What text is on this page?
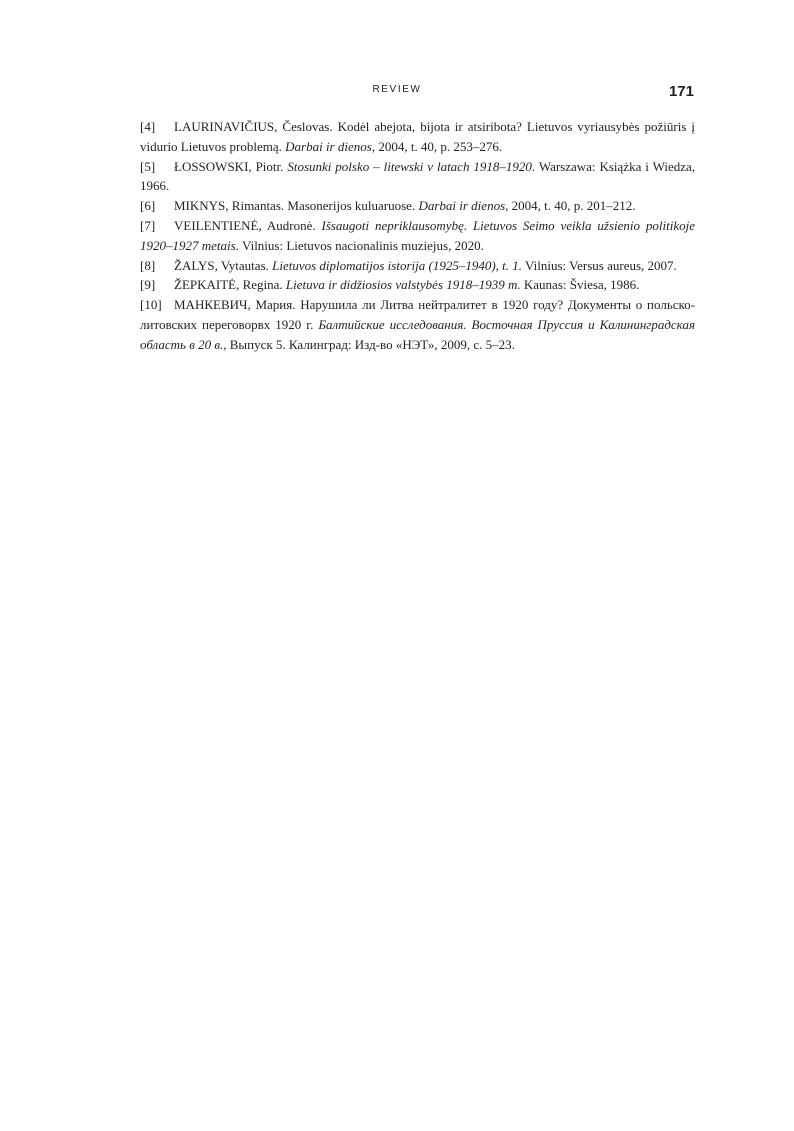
REVIEW	171

[4] LAURINAVIČIUS, Česlovas. Kodėl abejota, bijota ir atsiribota? Lietuvos vyriausybės požiūris į vidurio Lietuvos problemą. Darbai ir dienos, 2004, t. 40, p. 253–276.

[5] ŁOSSOWSKI, Piotr. Stosunki polsko – litewski v latach 1918–1920. Warszawa: Książka i Wiedza, 1966.

[6] MIKNYS, Rimantas. Masonerijos kuluaruose. Darbai ir dienos, 2004, t. 40, p. 201–212.

[7] VEILENTIENĖ, Audronė. Išsaugoti nepriklausomybę. Lietuvos Seimo veikla užsienio politikoje 1920–1927 metais. Vilnius: Lietuvos nacionalinis muziejus, 2020.

[8] ŽALYS, Vytautas. Lietuvos diplomatijos istorija (1925–1940), t. 1. Vilnius: Versus aureus, 2007.

[9] ŽEPKAITĖ, Regina. Lietuva ir didžiosios valstybės 1918–1939 m. Kaunas: Šviesa, 1986.

[10] МАНКЕВИЧ, Мария. Нарушила ли Литва нейтралитет в 1920 году? Документы о польско-литовских переговорвх 1920 г. Балтийские исследования. Восточная Пруссия и Калининградская область в 20 в., Выпуск 5. Калинград: Изд-во «НЭТ», 2009, с. 5–23.
